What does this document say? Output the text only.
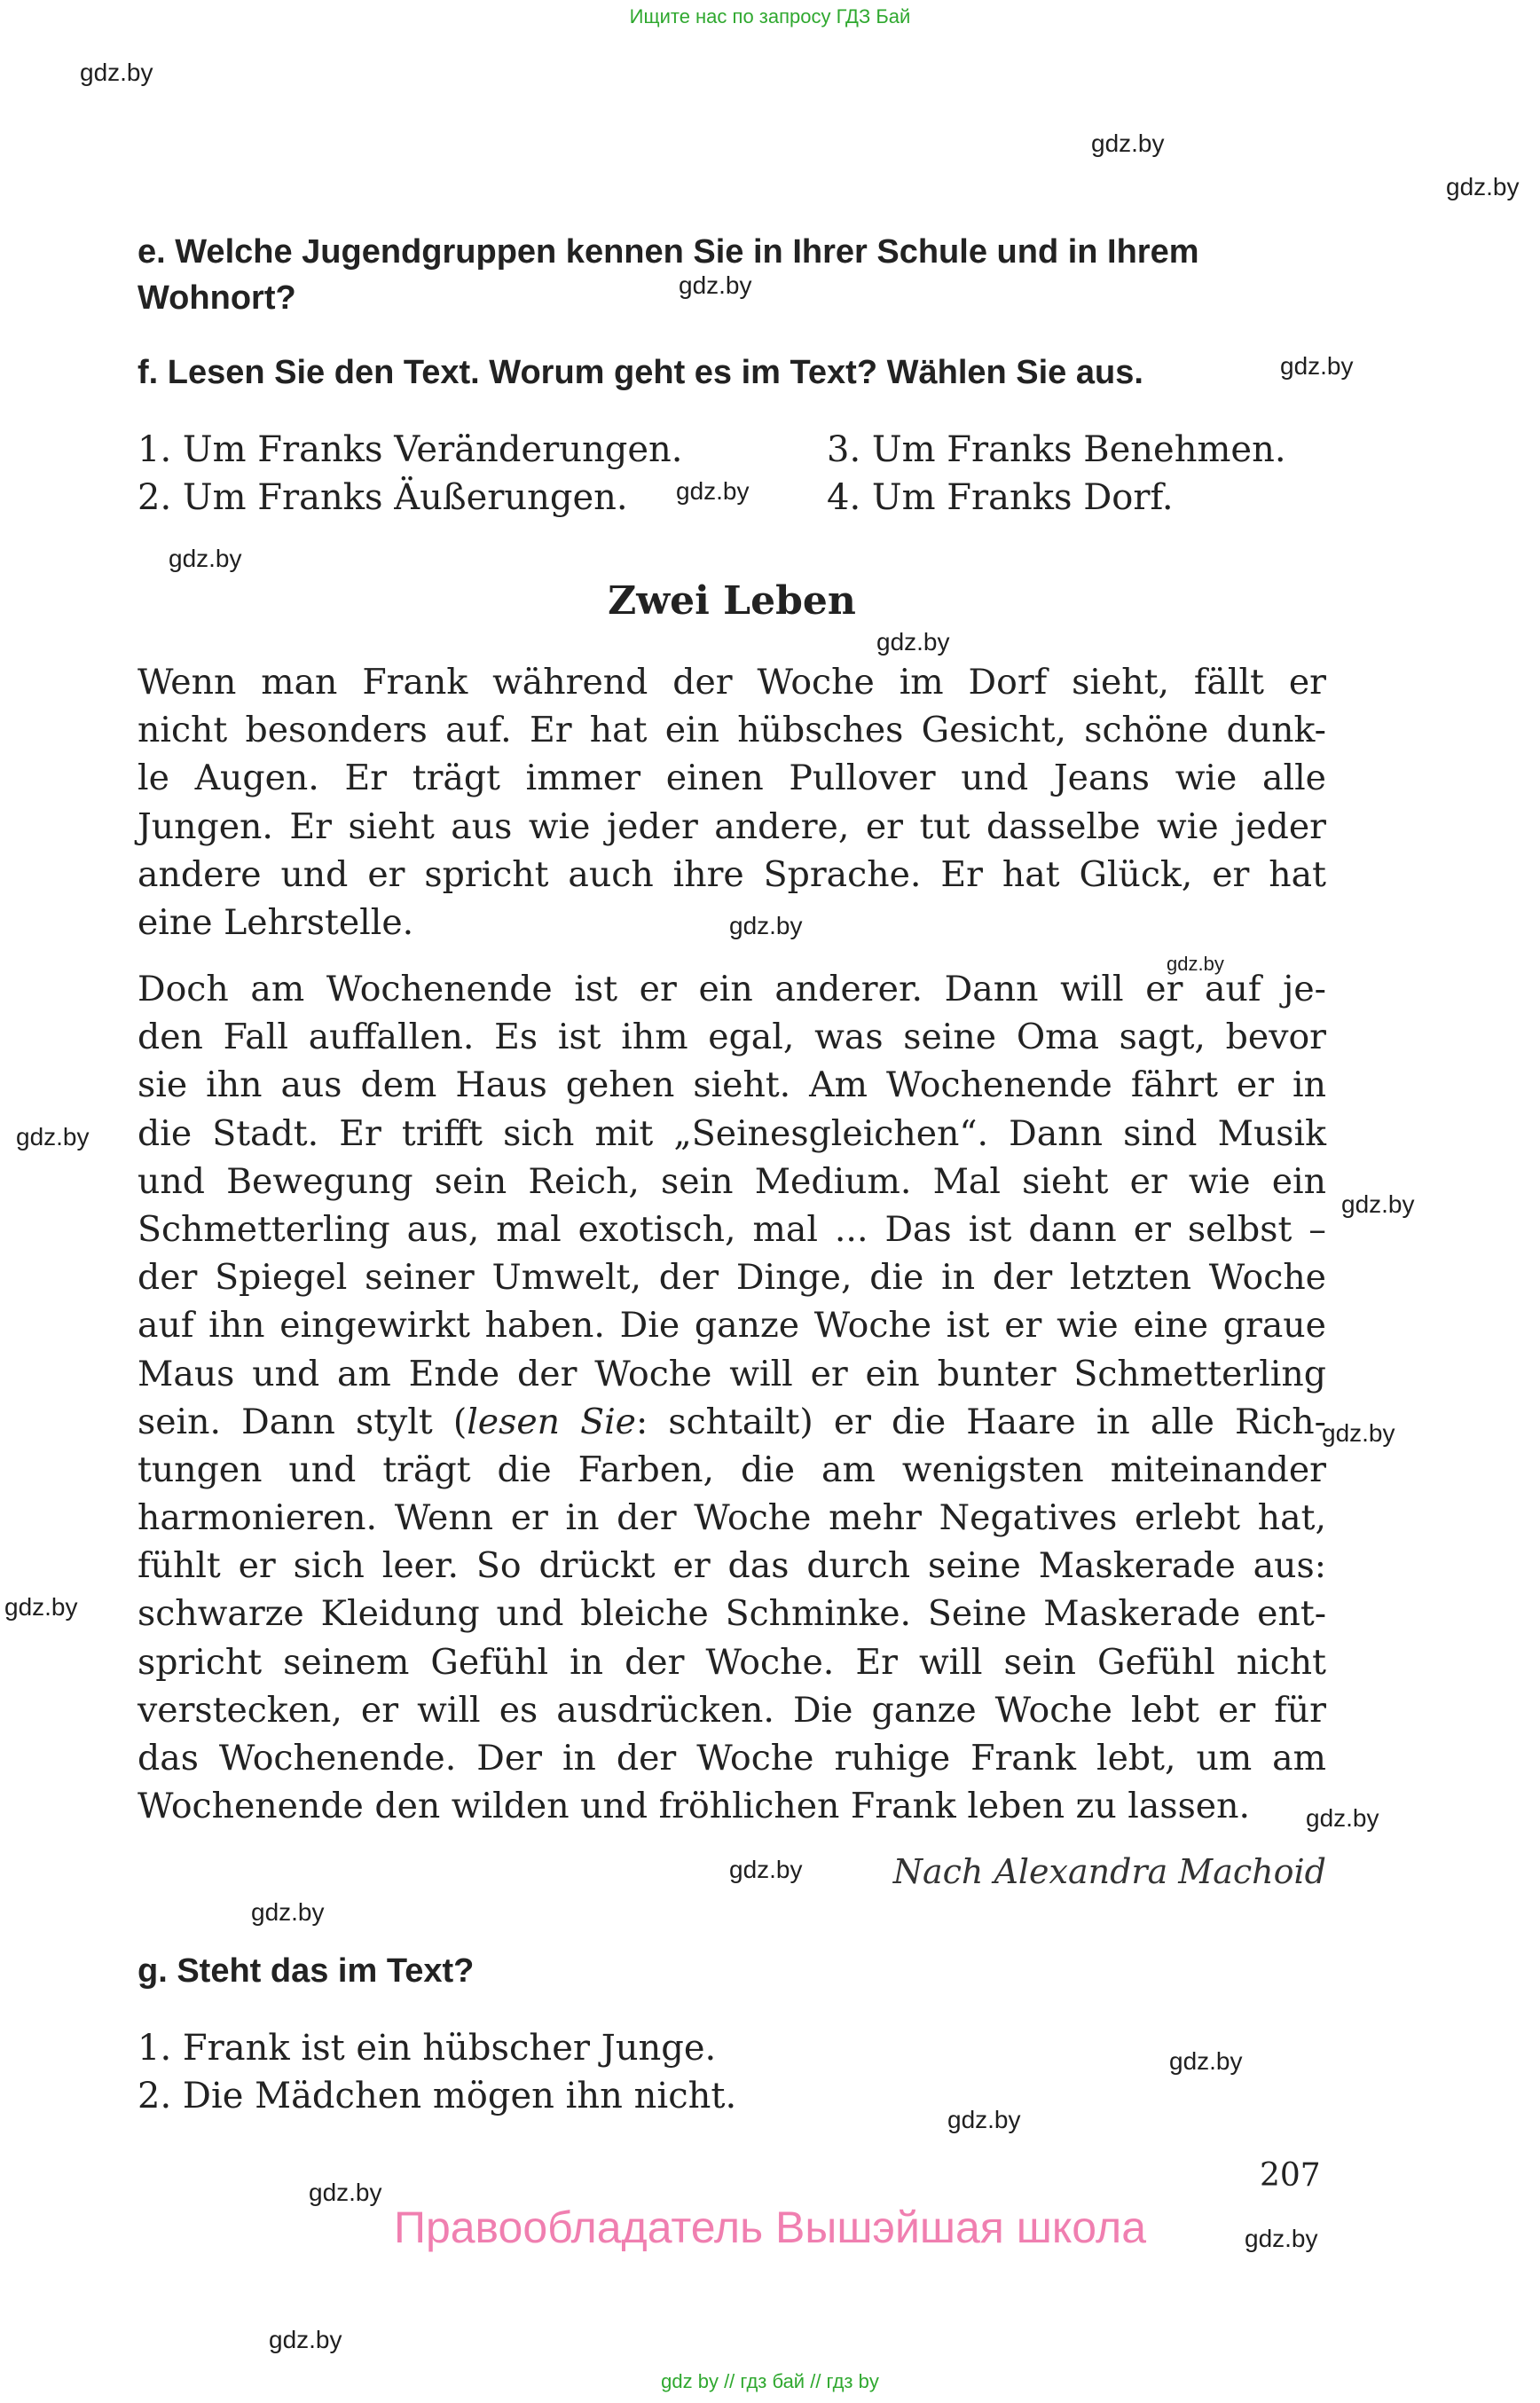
Ищите нас по запросу ГДЗ Бай
gdz.by
gdz.by
gdz.by
gdz.by
gdz.by
gdz.by
gdz.by
gdz.by
gdz.by
gdz.by
gdz.by
gdz.by
gdz.by
gdz.by
gdz.by
gdz.by
gdz.by
gdz.by
gdz.by
gdz.by
gdz.by
gdz.by
e. Welche Jugendgruppen kennen Sie in Ihrer Schule und in Ihrem Wohnort?
f. Lesen Sie den Text. Worum geht es im Text? Wählen Sie aus.
1. Um Franks Veränderungen.
2. Um Franks Äußerungen.
3. Um Franks Benehmen.
4. Um Franks Dorf.
Zwei Leben
Wenn man Frank während der Woche im Dorf sieht, fällt er
nicht besonders auf. Er hat ein hübsches Gesicht, schöne dunk-
le Augen. Er trägt immer einen Pullover und Jeans wie alle
Jungen. Er sieht aus wie jeder andere, er tut dasselbe wie jeder
andere und er spricht auch ihre Sprache. Er hat Glück, er hat
eine Lehrstelle.
Doch am Wochenende ist er ein anderer. Dann will er auf je-
den Fall auffallen. Es ist ihm egal, was seine Oma sagt, bevor
sie ihn aus dem Haus gehen sieht. Am Wochenende fährt er in
die Stadt. Er trifft sich mit „Seinesgleichen“. Dann sind Musik
und Bewegung sein Reich, sein Medium. Mal sieht er wie ein
Schmetterling aus, mal exotisch, mal ... Das ist dann er selbst –
der Spiegel seiner Umwelt, der Dinge, die in der letzten Woche
auf ihn eingewirkt haben. Die ganze Woche ist er wie eine graue
Maus und am Ende der Woche will er ein bunter Schmetterling
sein. Dann stylt (lesen Sie: schtailt) er die Haare in alle Rich-
tungen und trägt die Farben, die am wenigsten miteinander
harmonieren. Wenn er in der Woche mehr Negatives erlebt hat,
fühlt er sich leer. So drückt er das durch seine Maskerade aus:
schwarze Kleidung und bleiche Schminke. Seine Maskerade ent-
spricht seinem Gefühl in der Woche. Er will sein Gefühl nicht
verstecken, er will es ausdrücken. Die ganze Woche lebt er für
das Wochenende. Der in der Woche ruhige Frank lebt, um am
Wochenende den wilden und fröhlichen Frank leben zu lassen.
Nach Alexandra Machoid
g. Steht das im Text?
1. Frank ist ein hübscher Junge.
2. Die Mädchen mögen ihn nicht.
207
Правообладатель Вышэйшая школа
gdz by // гдз бай // гдз by
